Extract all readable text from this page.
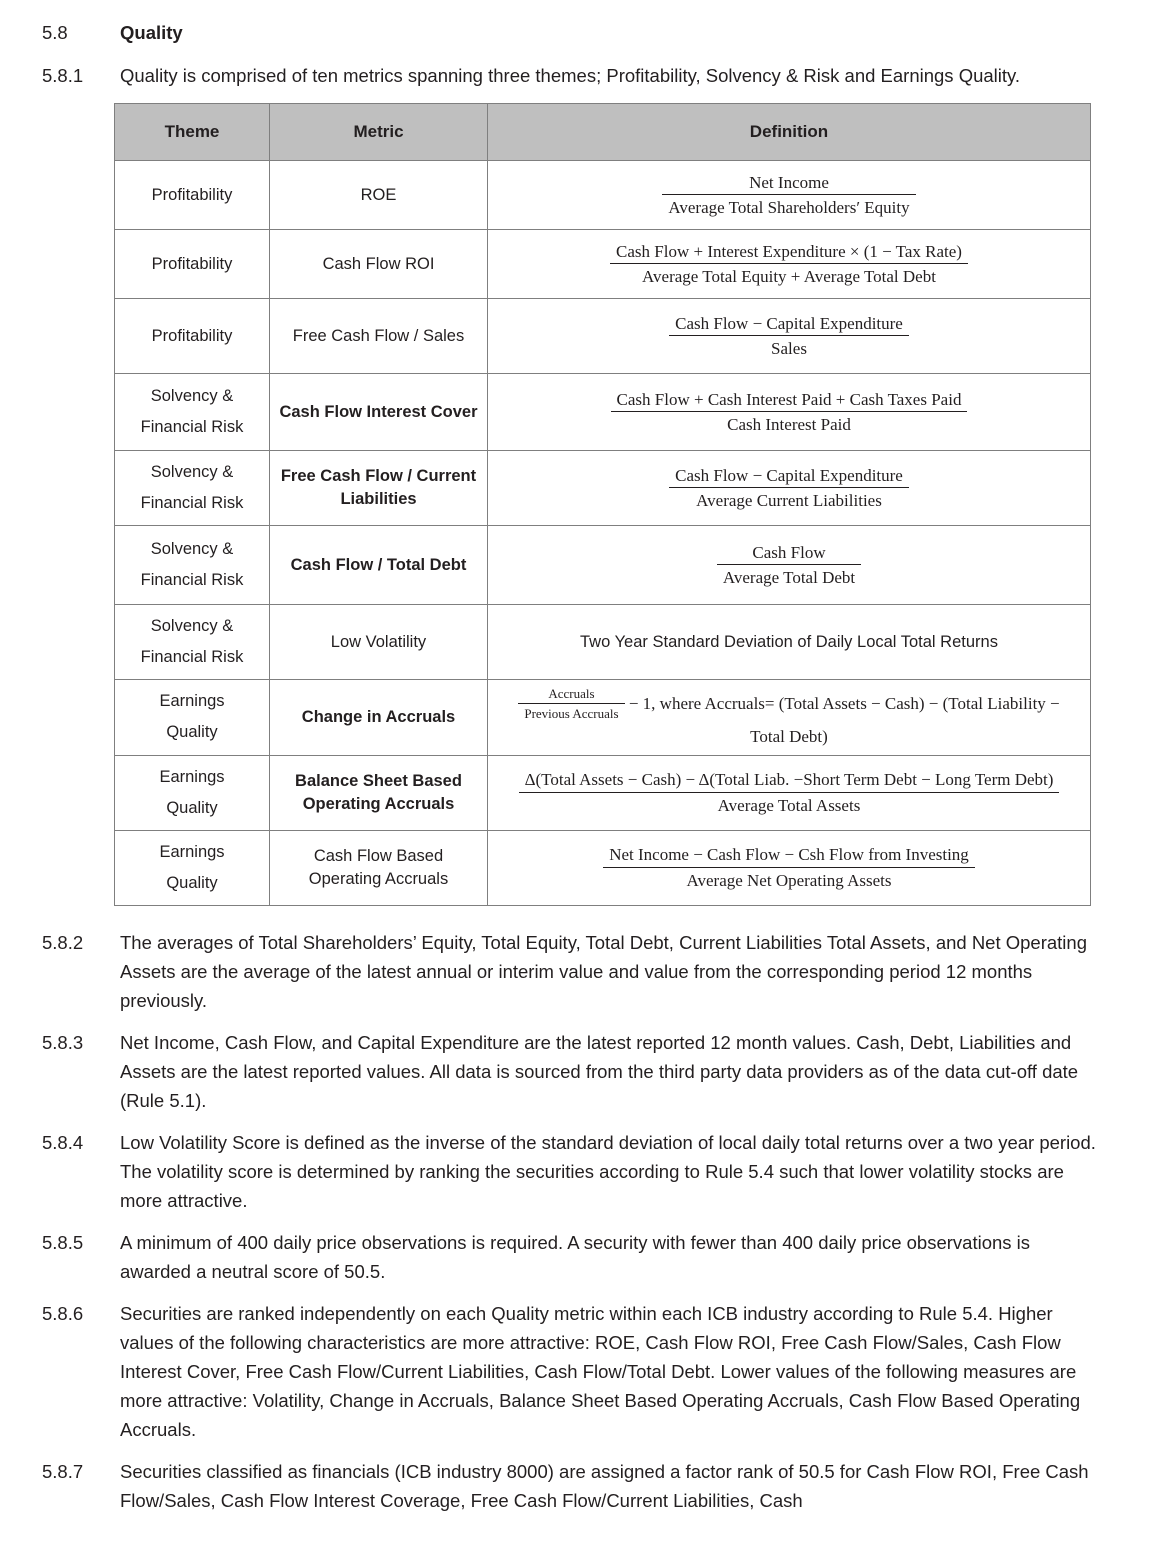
5.8	Quality
5.8.1	Quality is comprised of ten metrics spanning three themes; Profitability, Solvency & Risk and Earnings Quality.
Theme	Metric	Definition
Profitability	ROE	$\frac{\text{Net Income}}{\text{Average Total Shareholders′ Equity}}$

Profitability	Cash Flow ROI	$\frac{\text{Cash Flow + Interest Expenditure × (1 − Tax Rate)}}{\text{Average Total Equity + Average Total Debt}}$

Profitability	Free Cash Flow / Sales	$\frac{\text{Cash Flow − Capital Expenditure}}{\text{Sales}}$

Solvency &
Financial Risk	Cash Flow Interest Cover	$\frac{\text{Cash Flow + Cash Interest Paid + Cash Taxes Paid}}{\text{Cash Interest Paid}}$

Solvency &
Financial Risk	Free Cash Flow / Current
Liabilities	$\frac{\text{Cash Flow − Capital Expenditure}}{\text{Average Current Liabilities}}$

Solvency &
Financial Risk	Cash Flow / Total Debt	$\frac{\text{Cash Flow}}{\text{Average Total Debt}}$

Solvency &
Financial Risk	Low Volatility	Two Year Standard Deviation of Daily Local Total Returns
Earnings
Quality	Change in Accruals	$\frac{\text{Accruals}}{\text{Previous Accruals}} - 1$, where Accruals= (Total Assets − Cash) − (Total Liability −
Total Debt)

Earnings
Quality	Balance Sheet Based
Operating Accruals	Δ(Total Assets − Cash) − Δ(Total Liab. −Short Term Debt − Long Term Debt)
Average Total Assets

Earnings
Quality	Cash Flow Based
Operating Accruals	$\frac{\text{Net Income − Cash Flow − Csh Flow from Investing}}{\text{Average Net Operating Assets}}$
5.8.2	The averages of Total Shareholders’ Equity, Total Equity, Total Debt, Current Liabilities Total Assets, and Net Operating Assets are the average of the latest annual or interim value and value from the corresponding period 12 months previously.
5.8.3	Net Income, Cash Flow, and Capital Expenditure are the latest reported 12 month values. Cash, Debt, Liabilities and Assets are the latest reported values. All data is sourced from the third party data providers as of the data cut-off date (Rule 5.1).
5.8.4	Low Volatility Score is defined as the inverse of the standard deviation of local daily total returns over a two year period. The volatility score is determined by ranking the securities according to Rule 5.4 such that lower volatility stocks are more attractive.
5.8.5	A minimum of 400 daily price observations is required. A security with fewer than 400 daily price observations is awarded a neutral score of 50.5.
5.8.6	Securities are ranked independently on each Quality metric within each ICB industry according to Rule 5.4. Higher values of the following characteristics are more attractive: ROE, Cash Flow ROI, Free Cash Flow/Sales, Cash Flow Interest Cover, Free Cash Flow/Current Liabilities, Cash Flow/Total Debt. Lower values of the following measures are more attractive: Volatility, Change in Accruals, Balance Sheet Based Operating Accruals, Cash Flow Based Operating Accruals.
5.8.7	Securities classified as financials (ICB industry 8000) are assigned a factor rank of 50.5 for Cash Flow ROI, Free Cash Flow/Sales, Cash Flow Interest Coverage, Free Cash Flow/Current Liabilities, Cash
